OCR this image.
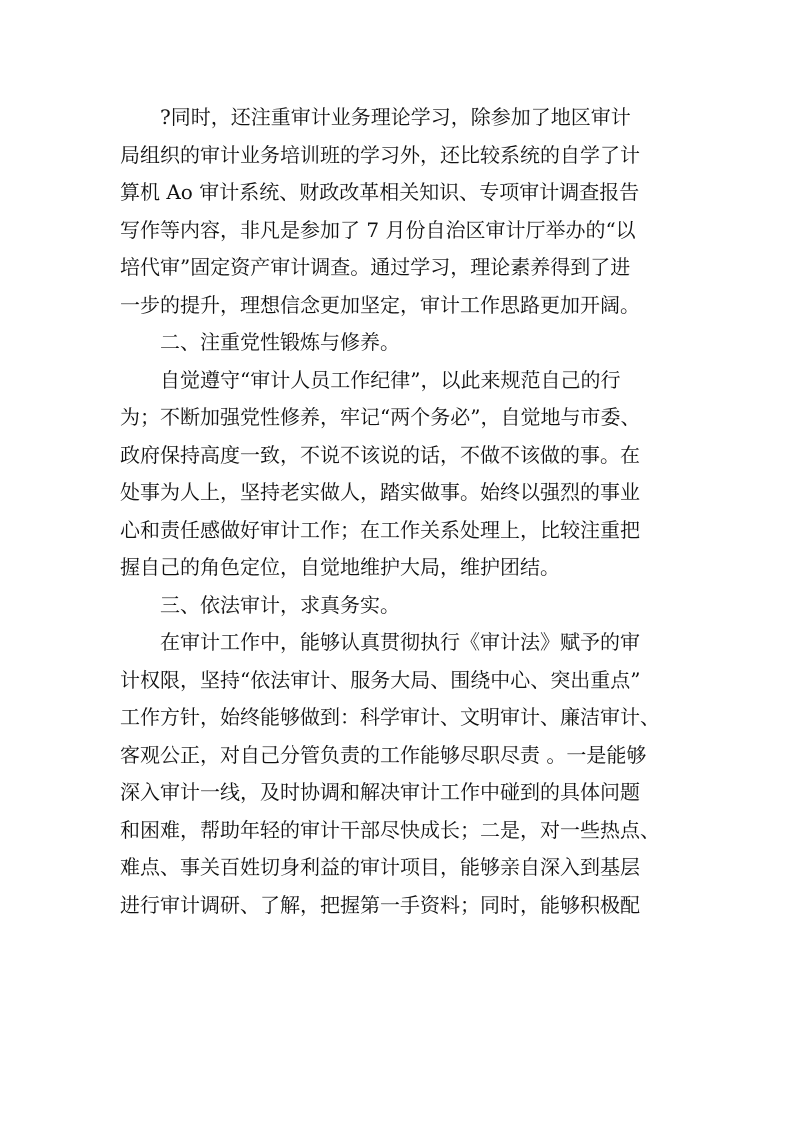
?同时，还注重审计业务理论学习，除参加了地区审计
局组织的审计业务培训班的学习外，还比较系统的自学了计
算机 Ao 审计系统、财政改革相关知识、专项审计调查报告
写作等内容，非凡是参加了 7 月份自治区审计厅举办的“以
培代审”固定资产审计调查。通过学习，理论素养得到了进
一步的提升，理想信念更加坚定，审计工作思路更加开阔。
二、注重党性锻炼与修养。
自觉遵守“审计人员工作纪律”，以此来规范自己的行
为；不断加强党性修养，牢记“两个务必”，自觉地与市委、
政府保持高度一致，不说不该说的话，不做不该做的事。在
处事为人上，坚持老实做人，踏实做事。始终以强烈的事业
心和责任感做好审计工作；在工作关系处理上，比较注重把
握自己的角色定位，自觉地维护大局，维护团结。
三、依法审计，求真务实。
在审计工作中，能够认真贯彻执行《审计法》赋予的审
计权限，坚持“依法审计、服务大局、围绕中心、突出重点”
工作方针，始终能够做到：科学审计、文明审计、廉洁审计、
客观公正，对自己分管负责的工作能够尽职尽责 。一是能够
深入审计一线，及时协调和解决审计工作中碰到的具体问题
和困难，帮助年轻的审计干部尽快成长；二是，对一些热点、
难点、事关百姓切身利益的审计项目，能够亲自深入到基层
进行审计调研、了解，把握第一手资料；同时，能够积极配
